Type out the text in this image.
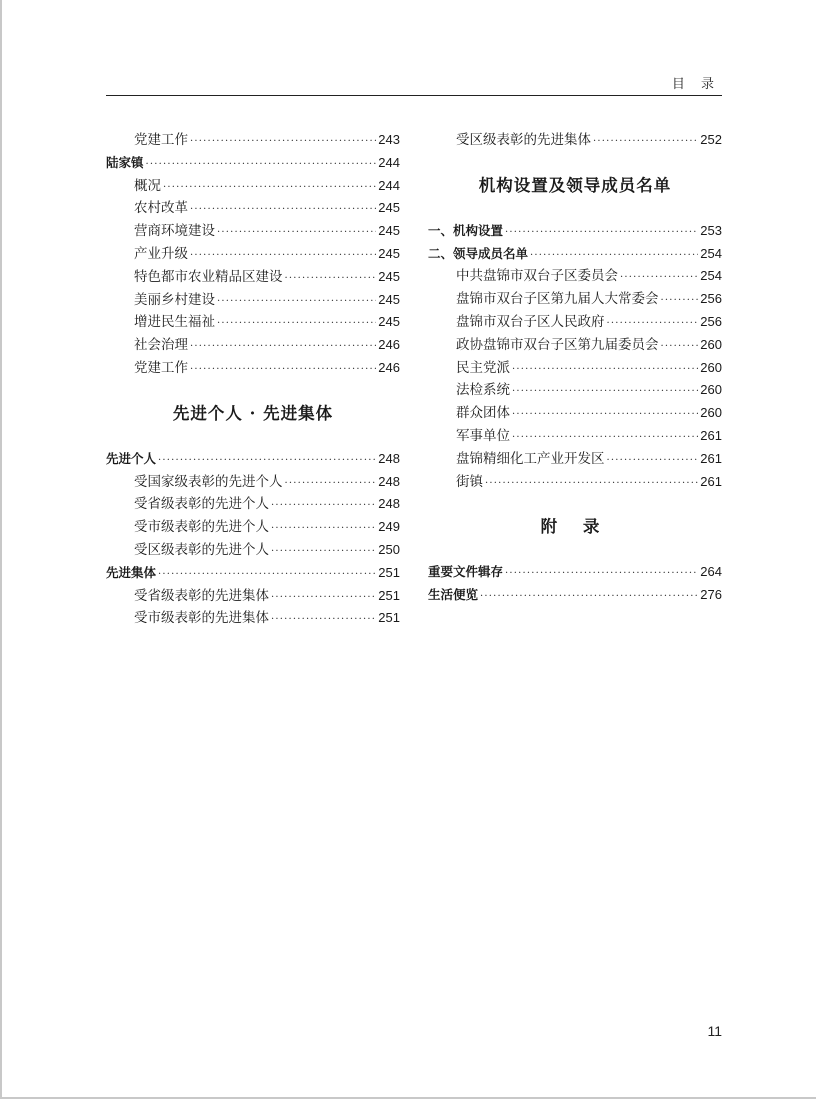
目 录
党建工作 ·····	243
陆家镇 ·····	244
概况 ·····	244
农村改革 ·····	245
营商环境建设 ·····	245
产业升级 ·····	245
特色都市农业精品区建设 ·····	245
美丽乡村建设 ·····	245
增进民生福祉 ·····	245
社会治理 ·····	246
党建工作 ·····	246
先进个人 · 先进集体
先进个人 ·····	248
受国家级表彰的先进个人 ·····	248
受省级表彰的先进个人 ·····	248
受市级表彰的先进个人 ·····	249
受区级表彰的先进个人 ·····	250
先进集体 ·····	251
受省级表彰的先进集体 ·····	251
受市级表彰的先进集体 ·····	251
受区级表彰的先进集体 ·····	252
机构设置及领导成员名单
一、机构设置 ·····	253
二、领导成员名单 ·····	254
中共盘锦市双台子区委员会 ·····	254
盘锦市双台子区第九届人大常委会 ·····	256
盘锦市双台子区人民政府 ·····	256
政协盘锦市双台子区第九届委员会 ·····	260
民主党派 ·····	260
法检系统 ·····	260
群众团体 ·····	260
军事单位 ·····	261
盘锦精细化工产业开发区 ·····	261
街镇 ·····	261
附 录
重要文件辑存 ·····	264
生活便览 ·····	276
11
